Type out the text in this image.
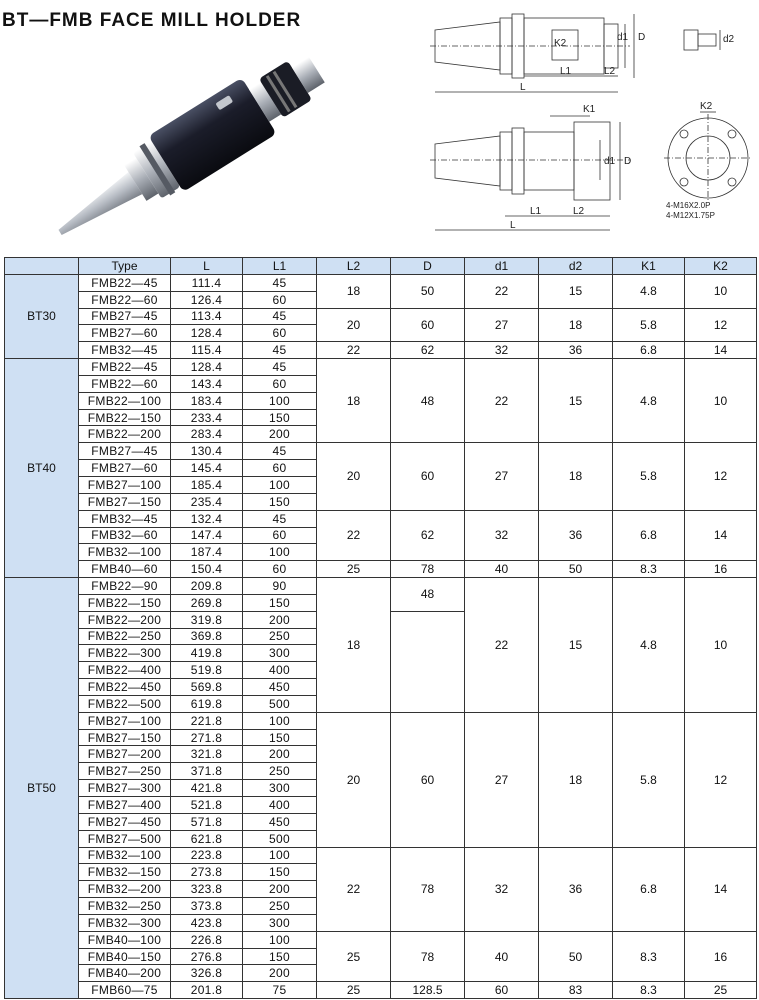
BT—FMB FACE MILL HOLDER
L1	L2
L
d1 D
K2	d2
K1
L1	L2
L
d1 D
K2
4-M16X2.0P
4-M12X1.75P
	Type	L	L1	L2	D	d1	d2	K1	K2
BT30	FMB22—45	111.4	45	18	50	22	15	4.8	10
	FMB22—60	126.4	60						
	FMB27—45	113.4	45	20	60	27	18	5.8	12
	FMB27—60	128.4	60						
	FMB32—45	115.4	45	22	62	32	36	6.8	14
BT40	FMB22—45	128.4	45	18	48	22	15	4.8	10
	FMB22—60	143.4	60						
	FMB22—100	183.4	100						
	FMB22—150	233.4	150						
	FMB22—200	283.4	200						
	FMB27—45	130.4	45	20	60	27	18	5.8	12
	FMB27—60	145.4	60						
	FMB27—100	185.4	100						
	FMB27—150	235.4	150						
	FMB32—45	132.4	45	22	62	32	36	6.8	14
	FMB32—60	147.4	60						
	FMB32—100	187.4	100						
	FMB40—60	150.4	60	25	78	40	50	8.3	16
BT50	FMB22—90	209.8	90	18	48	22	15	4.8	10
	FMB22—150	269.8	150						
	FMB22—200	319.8	200						
	FMB22—250	369.8	250						
	FMB22—300	419.8	300						
	FMB22—400	519.8	400						
	FMB22—450	569.8	450						
	FMB22—500	619.8	500						
	FMB27—100	221.8	100	20	60	27	18	5.8	12
	FMB27—150	271.8	150						
	FMB27—200	321.8	200						
	FMB27—250	371.8	250						
	FMB27—300	421.8	300						
	FMB27—400	521.8	400						
	FMB27—450	571.8	450						
	FMB27—500	621.8	500						
	FMB32—100	223.8	100	22	78	32	36	6.8	14
	FMB32—150	273.8	150						
	FMB32—200	323.8	200						
	FMB32—250	373.8	250						
	FMB32—300	423.8	300						
	FMB40—100	226.8	100	25	78	40	50	8.3	16
	FMB40—150	276.8	150						
	FMB40—200	326.8	200						
	FMB60—75	201.8	75	25	128.5	60	83	8.3	25
